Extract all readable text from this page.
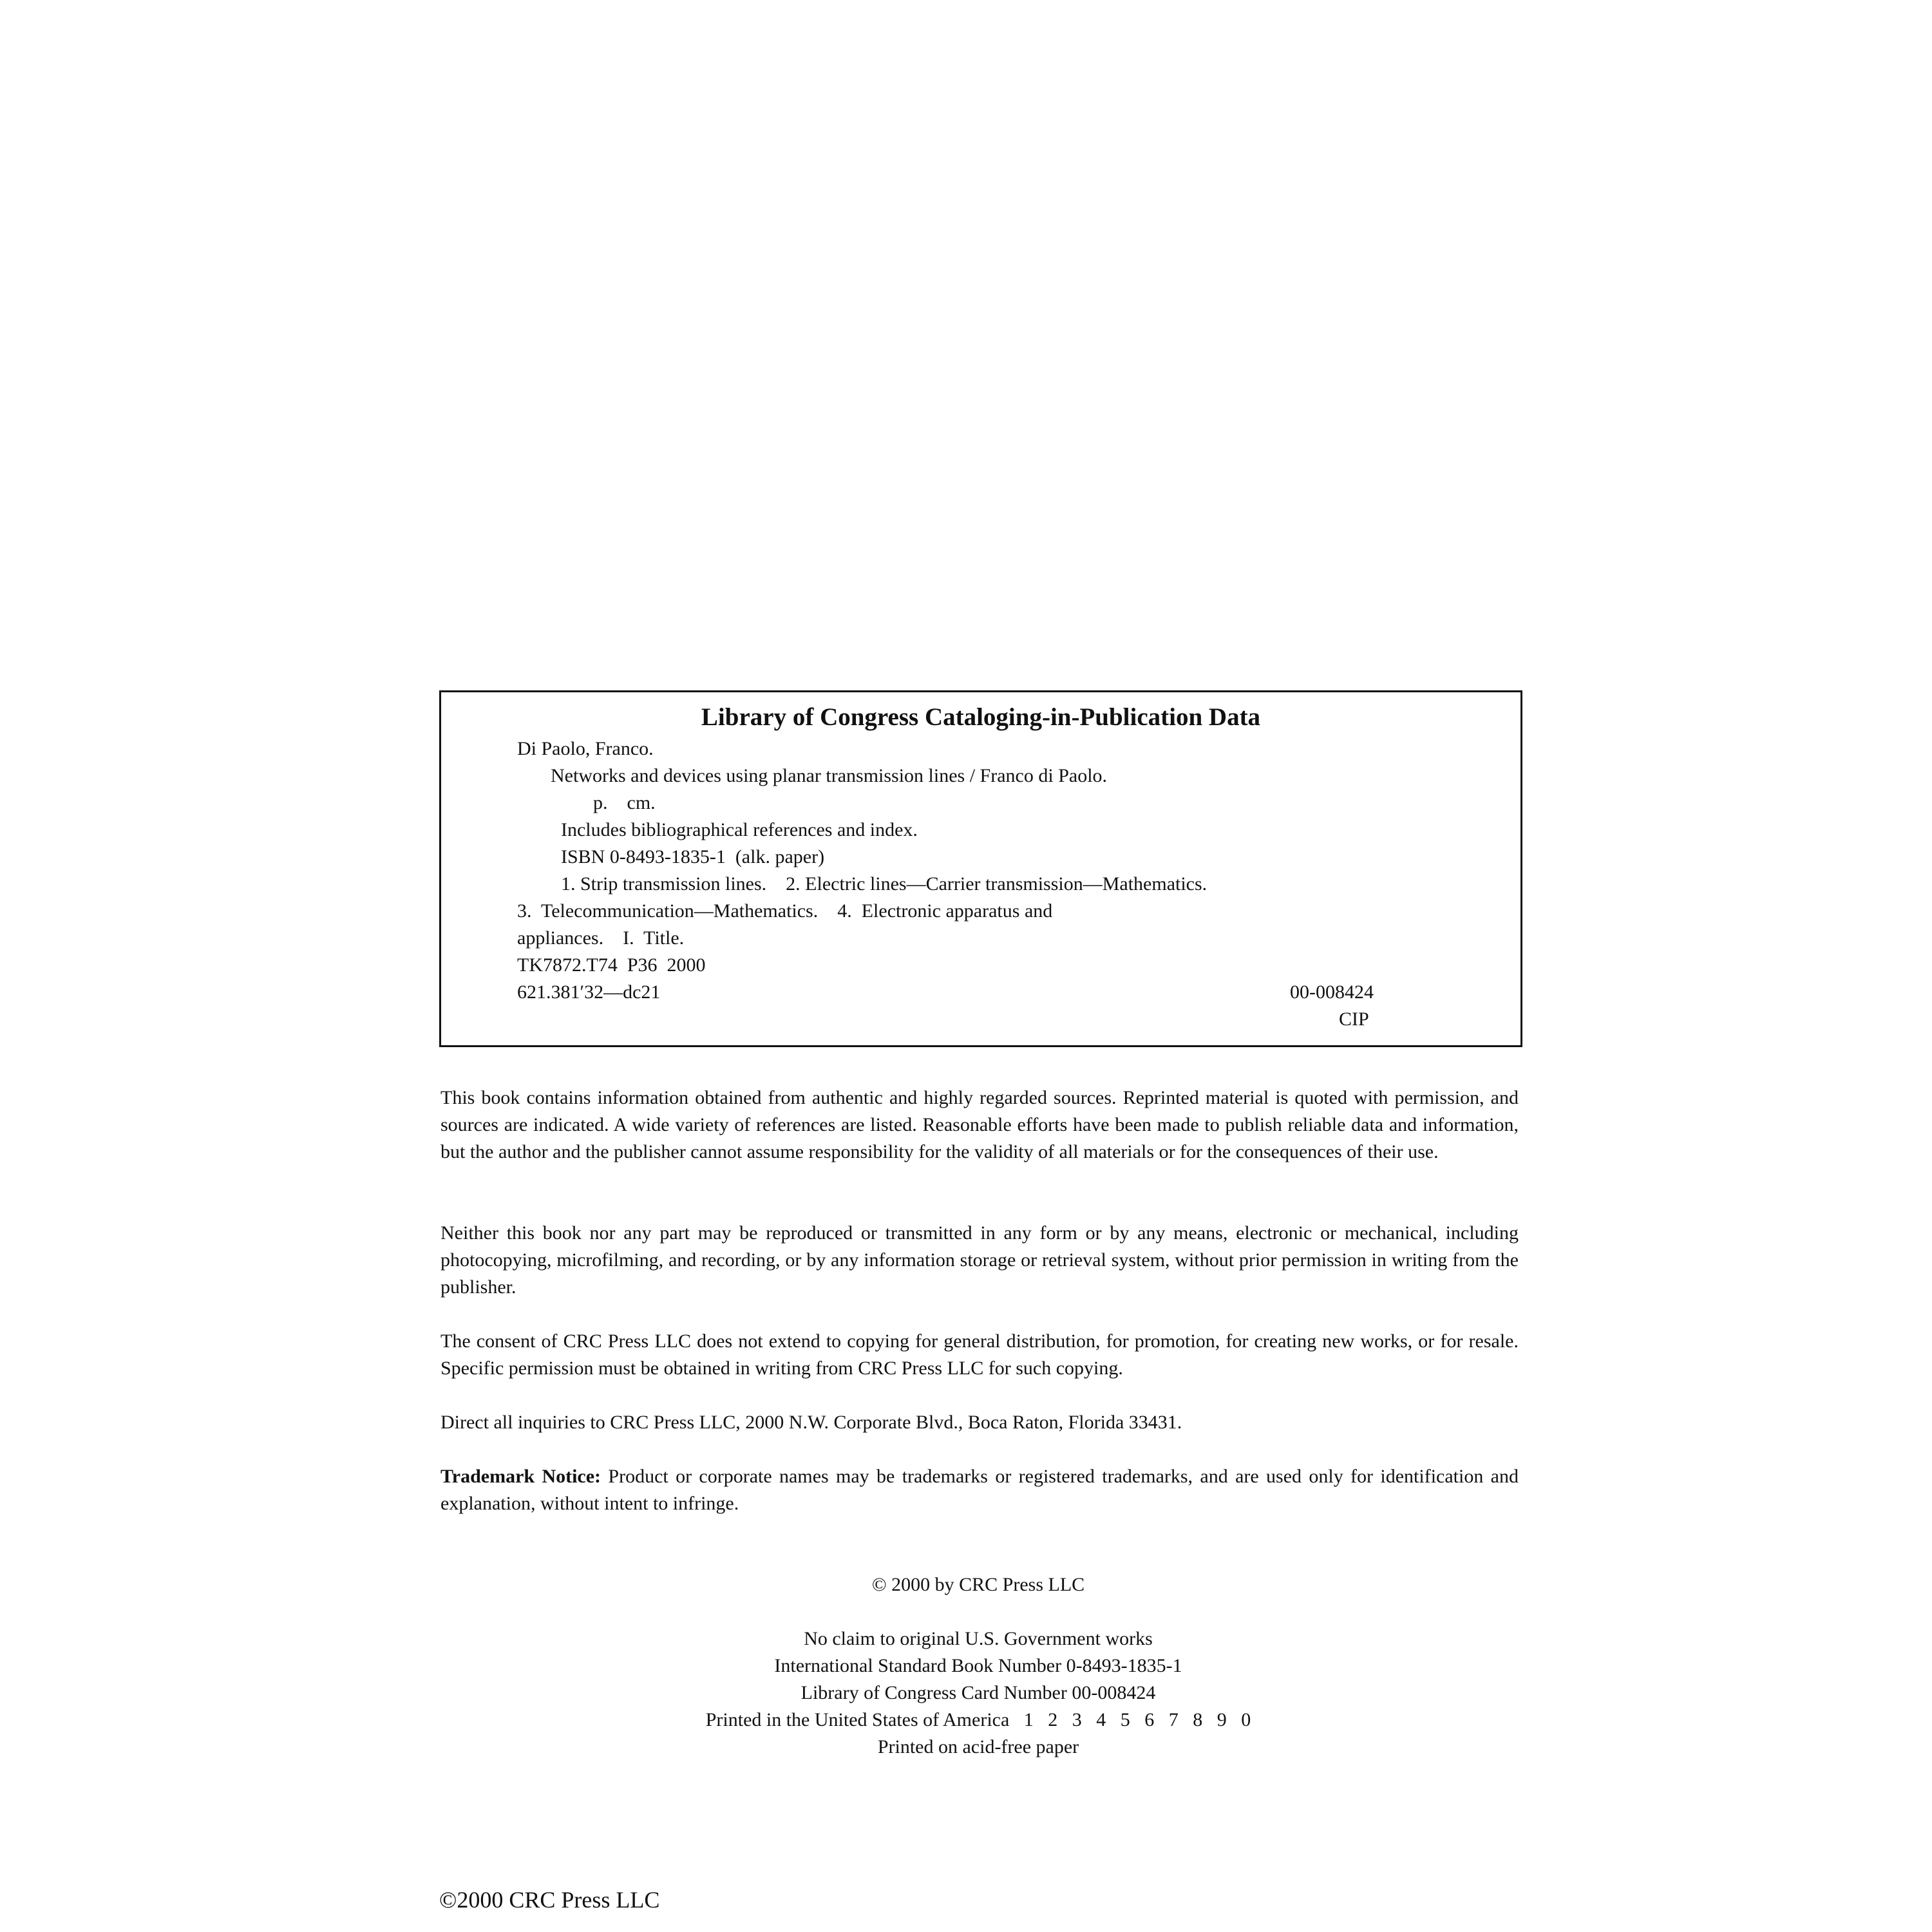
Library of Congress Cataloging-in-Publication Data
Di Paolo, Franco.
Networks and devices using planar transmission lines / Franco di Paolo.
p.    cm.
Includes bibliographical references and index.
ISBN 0-8493-1835-1  (alk. paper)
1. Strip transmission lines.    2. Electric lines—Carrier transmission—Mathematics.
3.  Telecommunication—Mathematics.    4.  Electronic apparatus and
appliances.    I.  Title.
TK7872.T74  P36  2000
621.381′32—dc21	00-008424
CIP
This book contains information obtained from authentic and highly regarded sources. Reprinted material is quoted with permission, and sources are indicated. A wide variety of references are listed. Reasonable efforts have been made to publish reliable data and information, but the author and the publisher cannot assume responsibility for the validity of all materials or for the consequences of their use.
Neither this book nor any part may be reproduced or transmitted in any form or by any means, electronic or mechanical, including photocopying, microfilming, and recording, or by any information storage or retrieval system, without prior permission in writing from the publisher.
The consent of CRC Press LLC does not extend to copying for general distribution, for promotion, for creating new works, or for resale. Specific permission must be obtained in writing from CRC Press LLC for such copying.
Direct all inquiries to CRC Press LLC, 2000 N.W. Corporate Blvd., Boca Raton, Florida 33431.
Trademark Notice: Product or corporate names may be trademarks or registered trademarks, and are used only for identification and explanation, without intent to infringe.
© 2000 by CRC Press LLC
No claim to original U.S. Government works
International Standard Book Number 0-8493-1835-1
Library of Congress Card Number 00-008424
Printed in the United States of America   1   2   3   4   5   6   7   8   9   0
Printed on acid-free paper
©2000 CRC Press LLC
